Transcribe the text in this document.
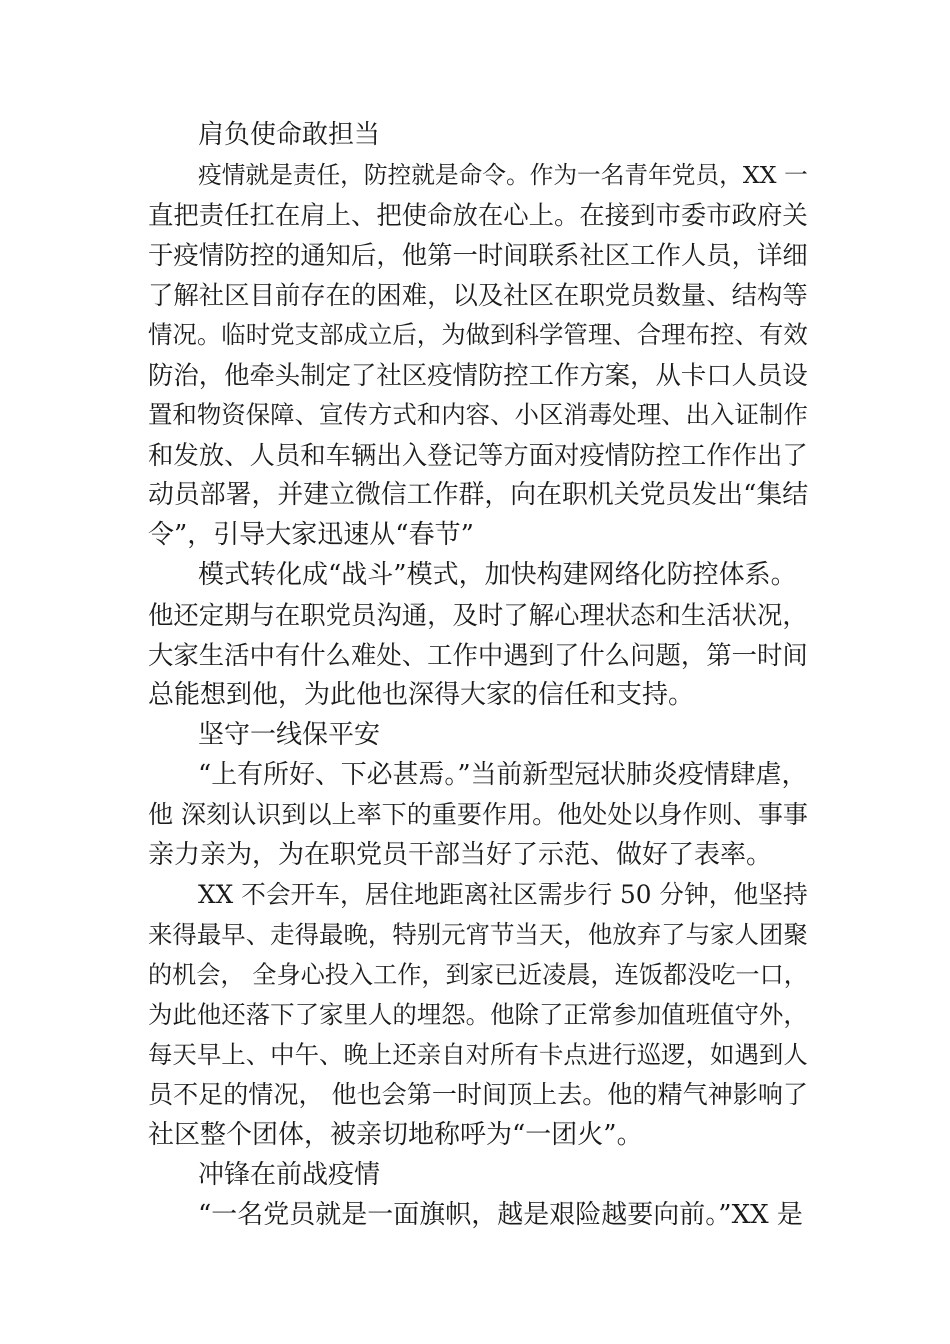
肩负使命敢担当
疫情就是责任，防控就是命令。作为一名青年党员，XX 一
直把责任扛在肩上、把使命放在心上。在接到市委市政府关
于疫情防控的通知后，他第一时间联系社区工作人员，详细
了解社区目前存在的困难，以及社区在职党员数量、结构等
情况。临时党支部成立后，为做到科学管理、合理布控、有效
防治，他牵头制定了社区疫情防控工作方案，从卡口人员设
置和物资保障、宣传方式和内容、小区消毒处理、出入证制作
和发放、人员和车辆出入登记等方面对疫情防控工作作出了
动员部署，并建立微信工作群，向在职机关党员发出“集结
令”，引导大家迅速从“春节”
模式转化成“战斗”模式，加快构建网络化防控体系。
他还定期与在职党员沟通，及时了解心理状态和生活状况，
大家生活中有什么难处、工作中遇到了什么问题，第一时间
总能想到他，为此他也深得大家的信任和支持。
坚守一线保平安
“上有所好、下必甚焉。”当前新型冠状肺炎疫情肆虐，
他 深刻认识到以上率下的重要作用。他处处以身作则、事事
亲力亲为，为在职党员干部当好了示范、做好了表率。
XX 不会开车，居住地距离社区需步行 50 分钟，他坚持
来得最早、走得最晚，特别元宵节当天，他放弃了与家人团聚
的机会， 全身心投入工作，到家已近凌晨，连饭都没吃一口，
为此他还落下了家里人的埋怨。他除了正常参加值班值守外，
每天早上、中午、晚上还亲自对所有卡点进行巡逻，如遇到人
员不足的情况， 他也会第一时间顶上去。他的精气神影响了
社区整个团体，被亲切地称呼为“一团火”。
冲锋在前战疫情
“一名党员就是一面旗帜，越是艰险越要向前。”XX 是
